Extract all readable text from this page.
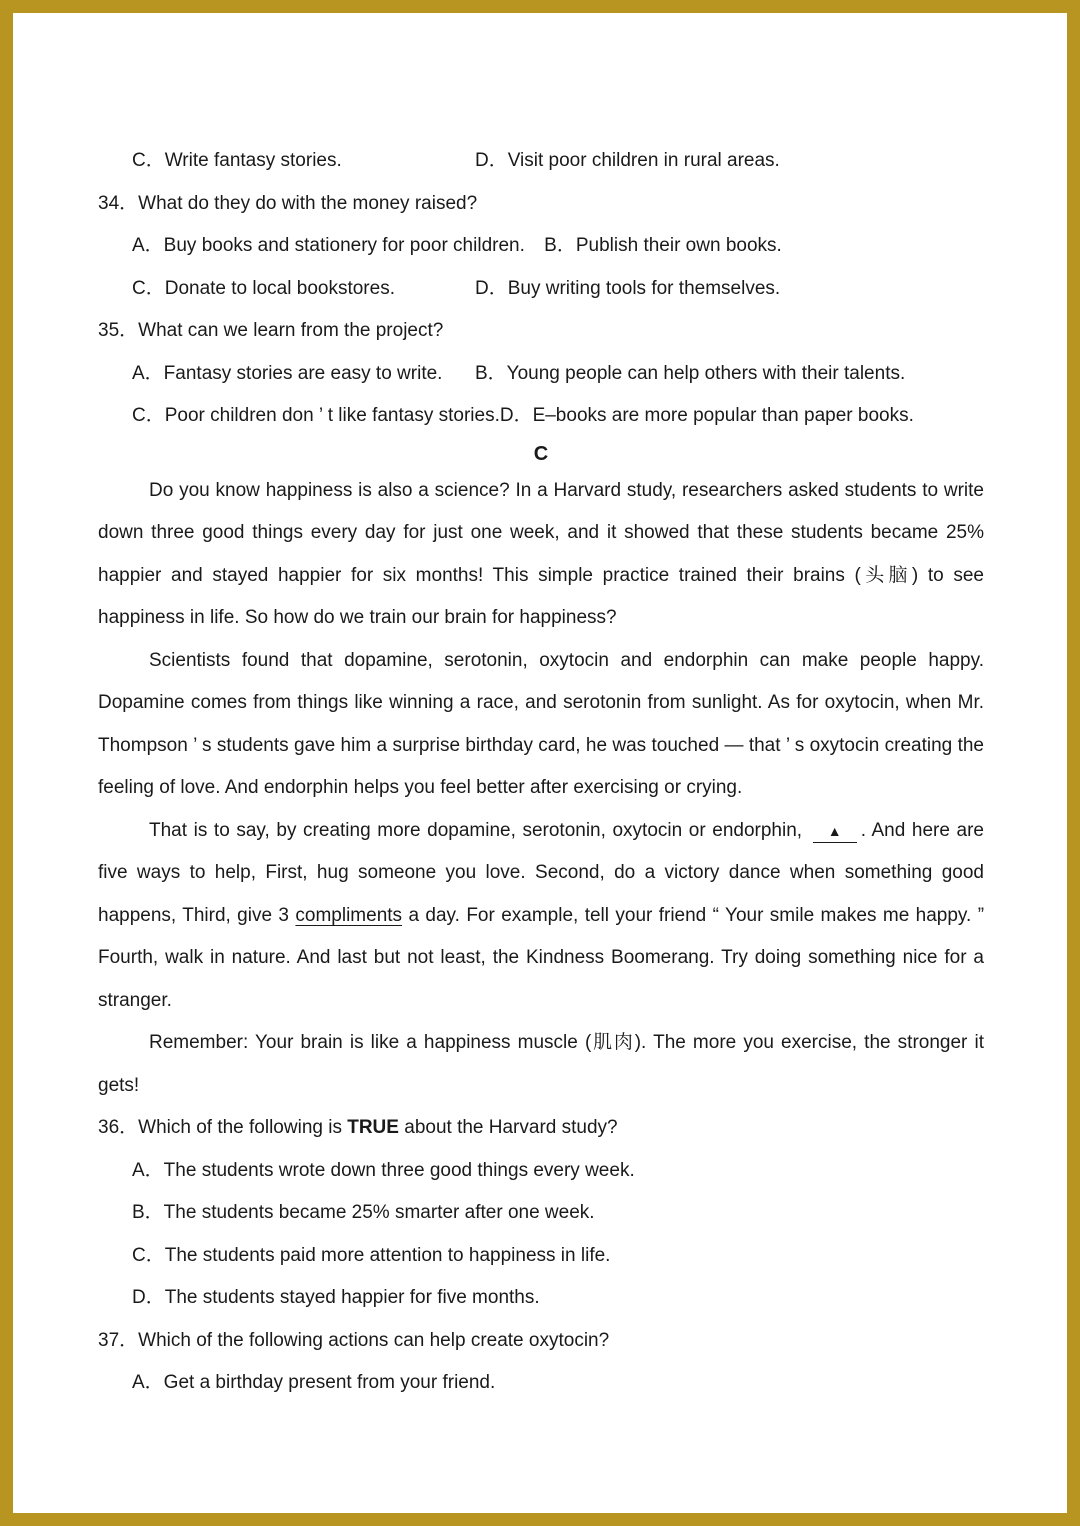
C．Write fantasy stories.	D．Visit poor children in rural areas.
34．What do they do with the money raised?
A．Buy books and stationery for poor children. B．Publish their own books.
C．Donate to local bookstores.	D．Buy writing tools for themselves.
35．What can we learn from the project?
A．Fantasy stories are easy to write. B．Young people can help others with their talents.
C．Poor children don ’ t like fantasy stories.D．E–books are more popular than paper books.
C

Do you know happiness is also a science? In a Harvard study, researchers asked students to write down three good things every day for just one week, and it showed that these students became 25% happier and stayed happier for six months! This simple practice trained their brains (头脑) to see happiness in life. So how do we train our brain for happiness?

Scientists found that dopamine, serotonin, oxytocin and endorphin can make people happy. Dopamine comes from things like winning a race, and serotonin from sunlight. As for oxytocin, when Mr. Thompson ’ s students gave him a surprise birthday card, he was touched — that ’ s oxytocin creating the feeling of love. And endorphin helps you feel better after exercising or crying.

That is to say, by creating more dopamine, serotonin, oxytocin or endorphin, ▲ . And here are five ways to help, First, hug someone you love. Second, do a victory dance when something good happens, Third, give 3 compliments a day. For example, tell your friend “ Your smile makes me happy. ” Fourth, walk in nature. And last but not least, the Kindness Boomerang. Try doing something nice for a stranger.

Remember: Your brain is like a happiness muscle (肌肉). The more you exercise, the stronger it gets!

36．Which of the following is TRUE about the Harvard study?
A．The students wrote down three good things every week.
B．The students became 25% smarter after one week.
C．The students paid more attention to happiness in life.
D．The students stayed happier for five months.
37．Which of the following actions can help create oxytocin?
A．Get a birthday present from your friend.
